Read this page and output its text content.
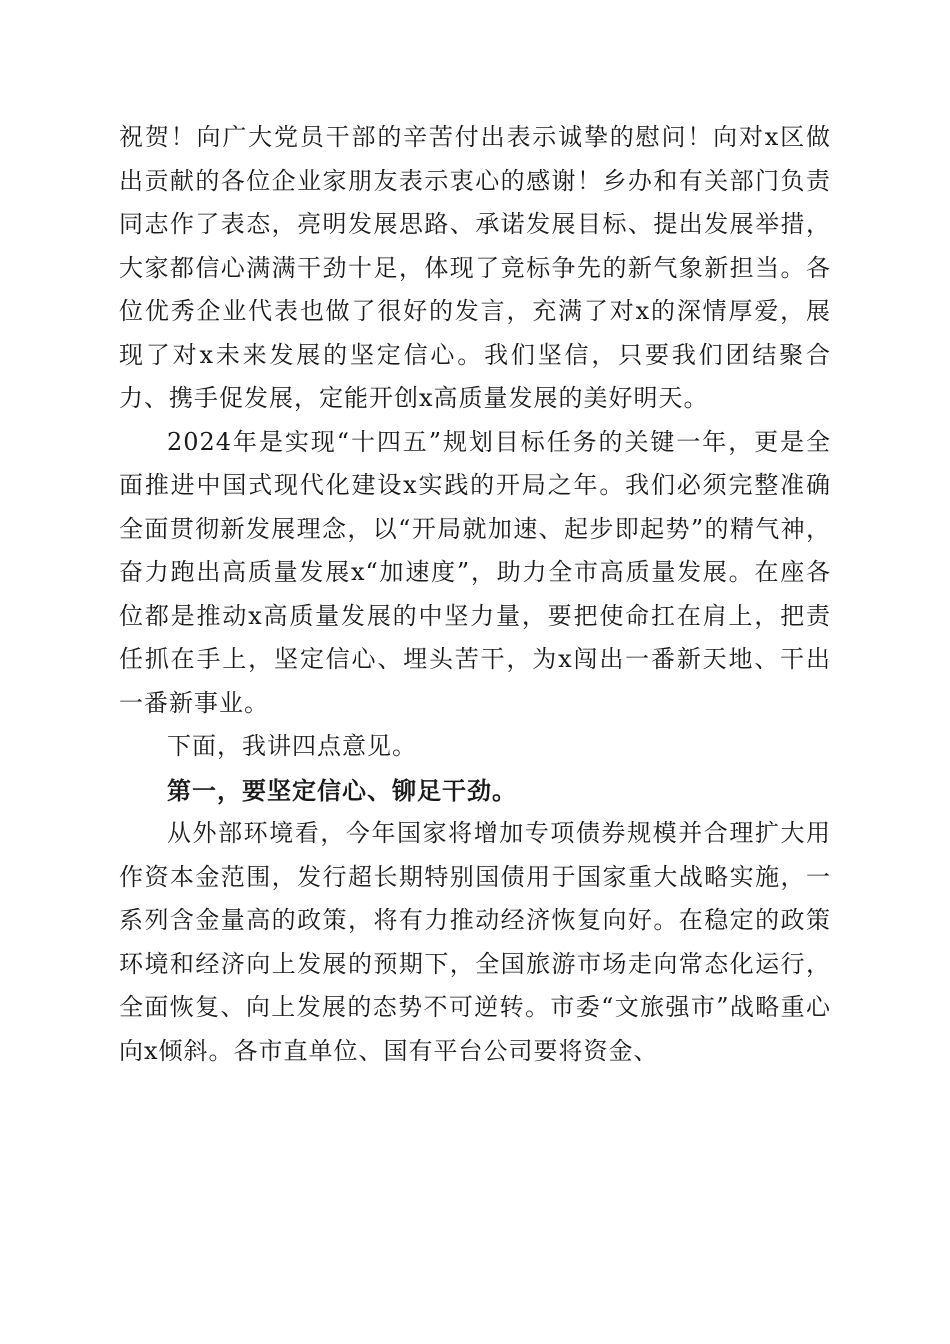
祝贺！向广大党员干部的辛苦付出表示诚挚的慰问！向对x区做出贡献的各位企业家朋友表示衷心的感谢！乡办和有关部门负责同志作了表态，亮明发展思路、承诺发展目标、提出发展举措，大家都信心满满干劲十足，体现了竞标争先的新气象新担当。各位优秀企业代表也做了很好的发言，充满了对x的深情厚爱，展现了对x未来发展的坚定信心。我们坚信，只要我们团结聚合力、携手促发展，定能开创x高质量发展的美好明天。

2024年是实现“十四五”规划目标任务的关键一年，更是全面推进中国式现代化建设x实践的开局之年。我们必须完整准确全面贯彻新发展理念，以“开局就加速、起步即起势”的精气神，奋力跑出高质量发展x“加速度”，助力全市高质量发展。在座各位都是推动x高质量发展的中坚力量，要把使命扛在肩上，把责任抓在手上，坚定信心、埋头苦干，为x闯出一番新天地、干出一番新事业。

下面，我讲四点意见。

第一，要坚定信心、铆足干劲。

从外部环境看，今年国家将增加专项债券规模并合理扩大用作资本金范围，发行超长期特别国债用于国家重大战略实施，一系列含金量高的政策，将有力推动经济恢复向好。在稳定的政策环境和经济向上发展的预期下，全国旅游市场走向常态化运行，全面恢复、向上发展的态势不可逆转。市委“文旅强市”战略重心向x倾斜。各市直单位、国有平台公司要将资金、
